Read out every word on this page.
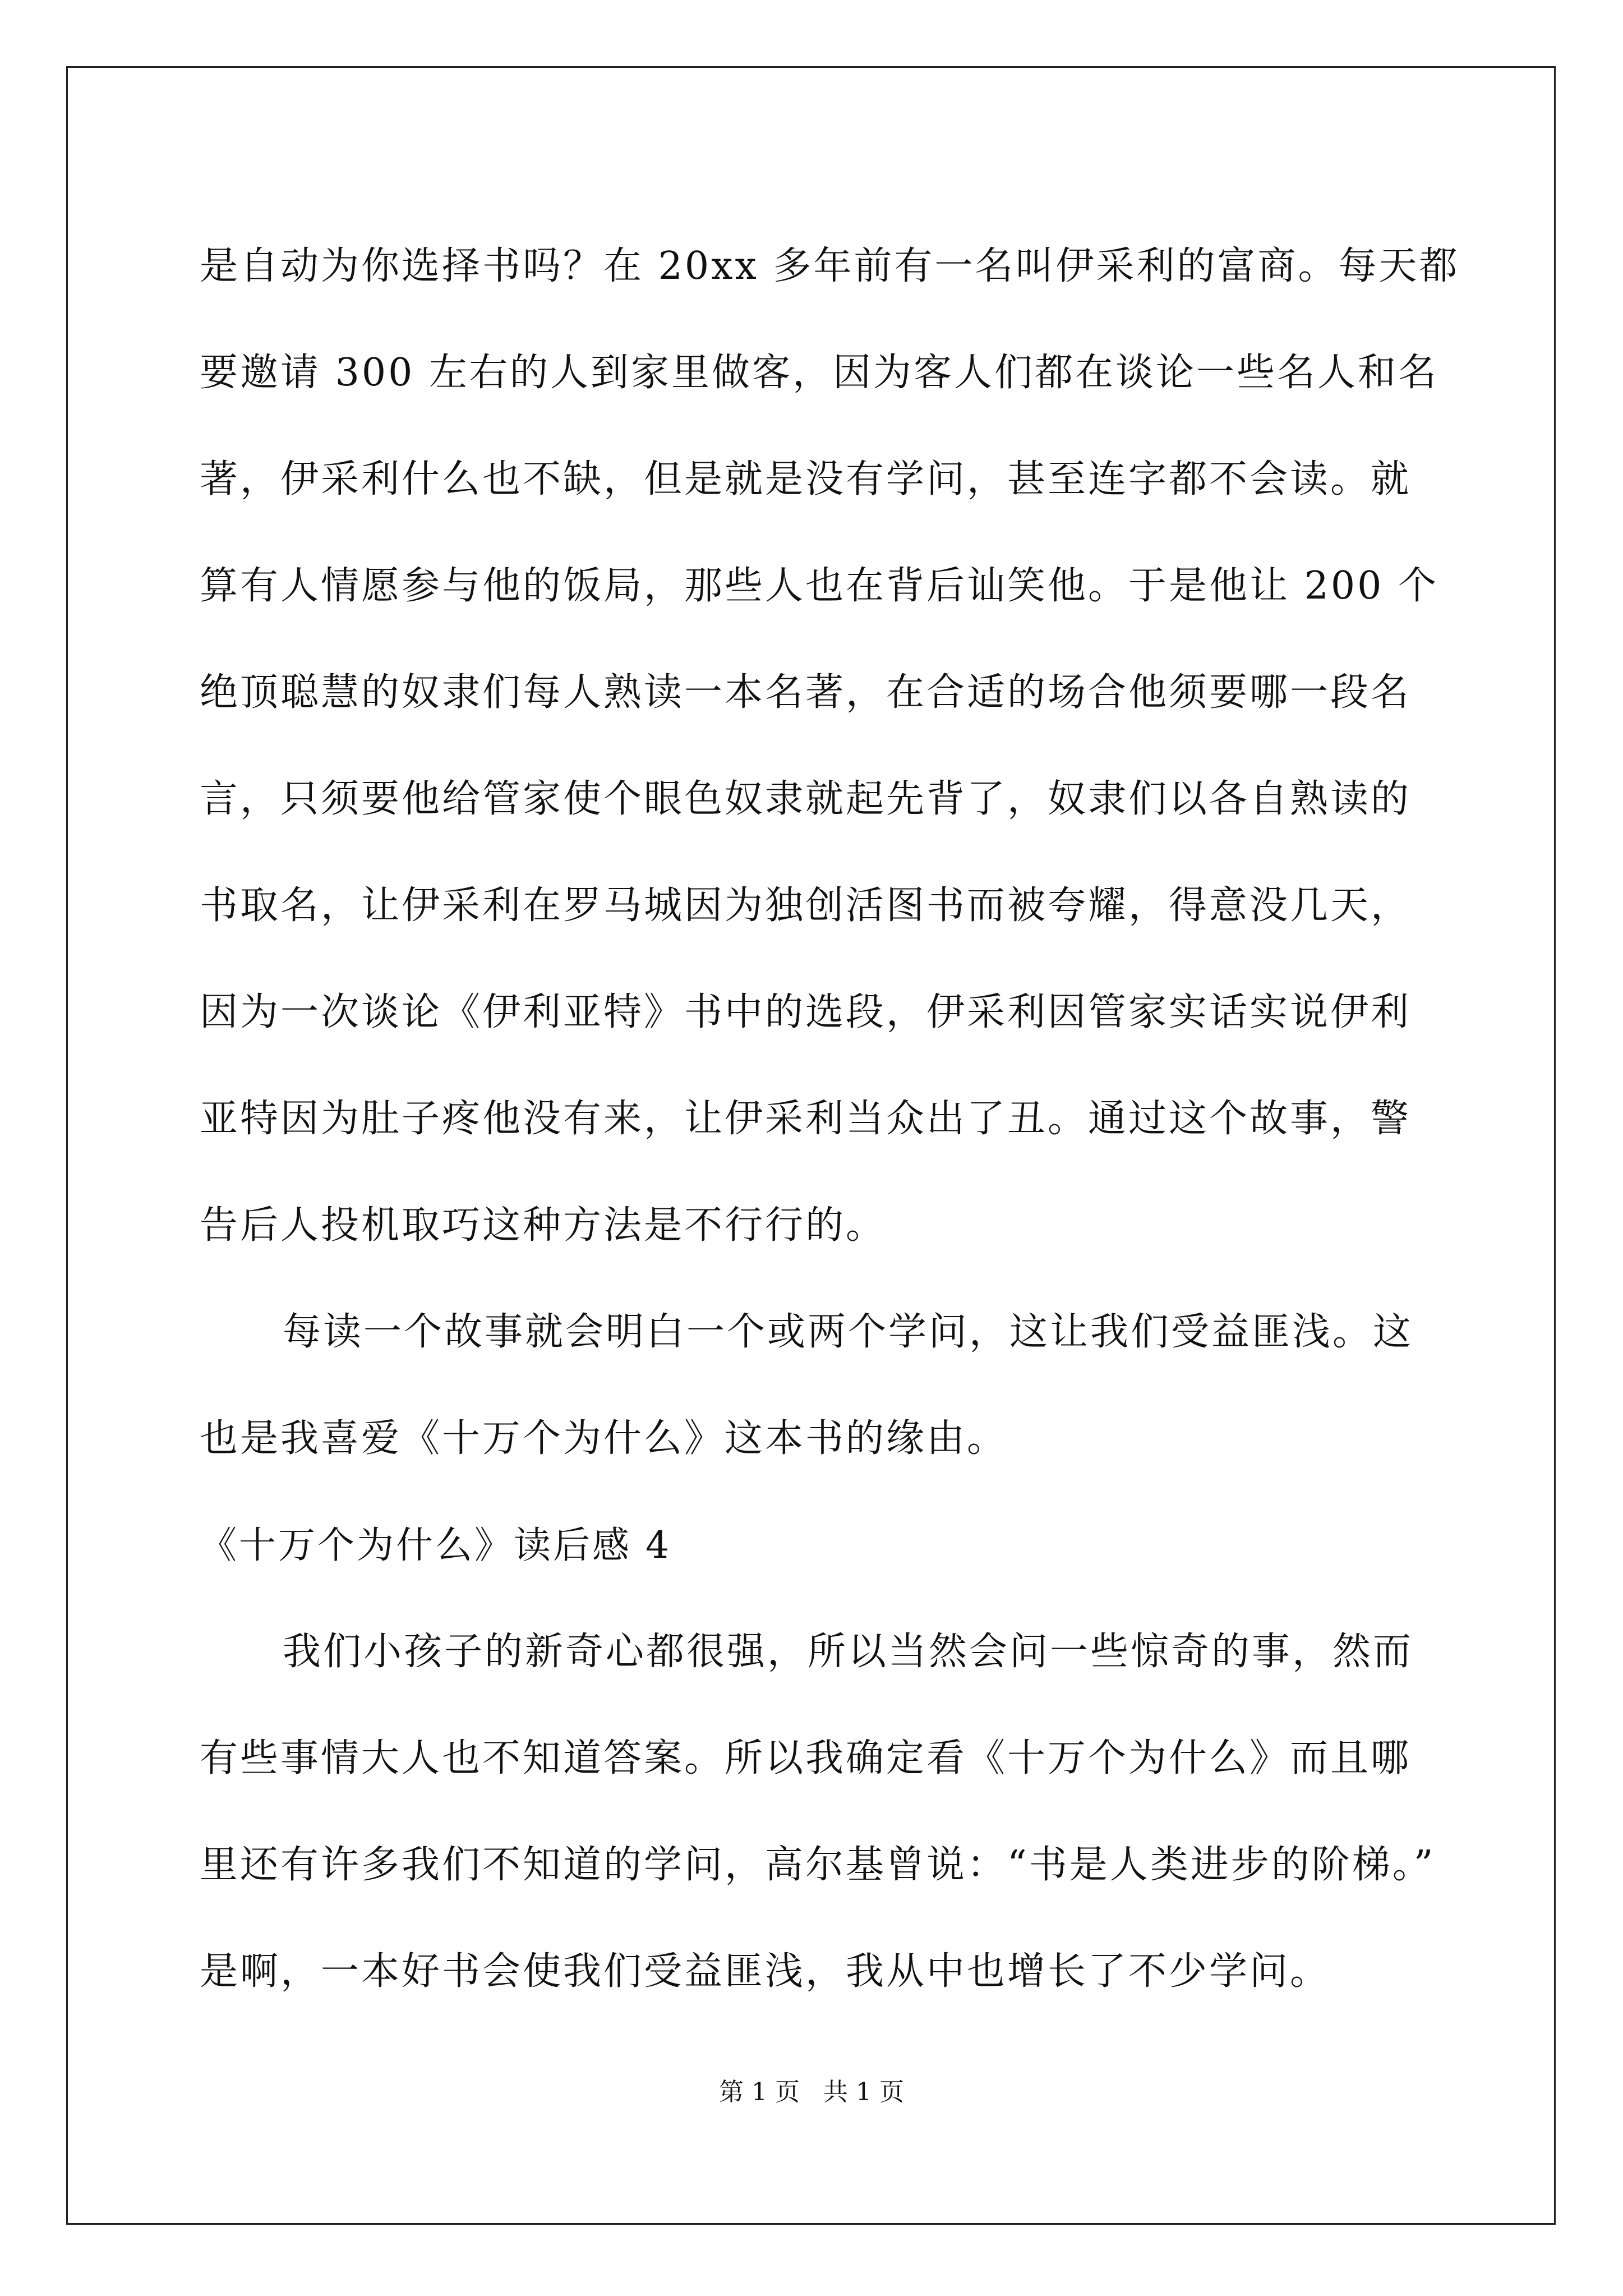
是自动为你选择书吗？在 20xx 多年前有一名叫伊采利的富商。每天都
要邀请 300 左右的人到家里做客，因为客人们都在谈论一些名人和名
著，伊采利什么也不缺，但是就是没有学问，甚至连字都不会读。就
算有人情愿参与他的饭局，那些人也在背后讪笑他。于是他让 200 个
绝顶聪慧的奴隶们每人熟读一本名著，在合适的场合他须要哪一段名
言，只须要他给管家使个眼色奴隶就起先背了，奴隶们以各自熟读的
书取名，让伊采利在罗马城因为独创活图书而被夸耀，得意没几天，
因为一次谈论《伊利亚特》书中的选段，伊采利因管家实话实说伊利
亚特因为肚子疼他没有来，让伊采利当众出了丑。通过这个故事，警
告后人投机取巧这种方法是不行行的。
每读一个故事就会明白一个或两个学问，这让我们受益匪浅。这
也是我喜爱《十万个为什么》这本书的缘由。
《十万个为什么》读后感 4
我们小孩子的新奇心都很强，所以当然会问一些惊奇的事，然而
有些事情大人也不知道答案。所以我确定看《十万个为什么》而且哪
里还有许多我们不知道的学问，高尔基曾说：“书是人类进步的阶梯。”
是啊，一本好书会使我们受益匪浅，我从中也增长了不少学问。
第 1 页   共 1 页
